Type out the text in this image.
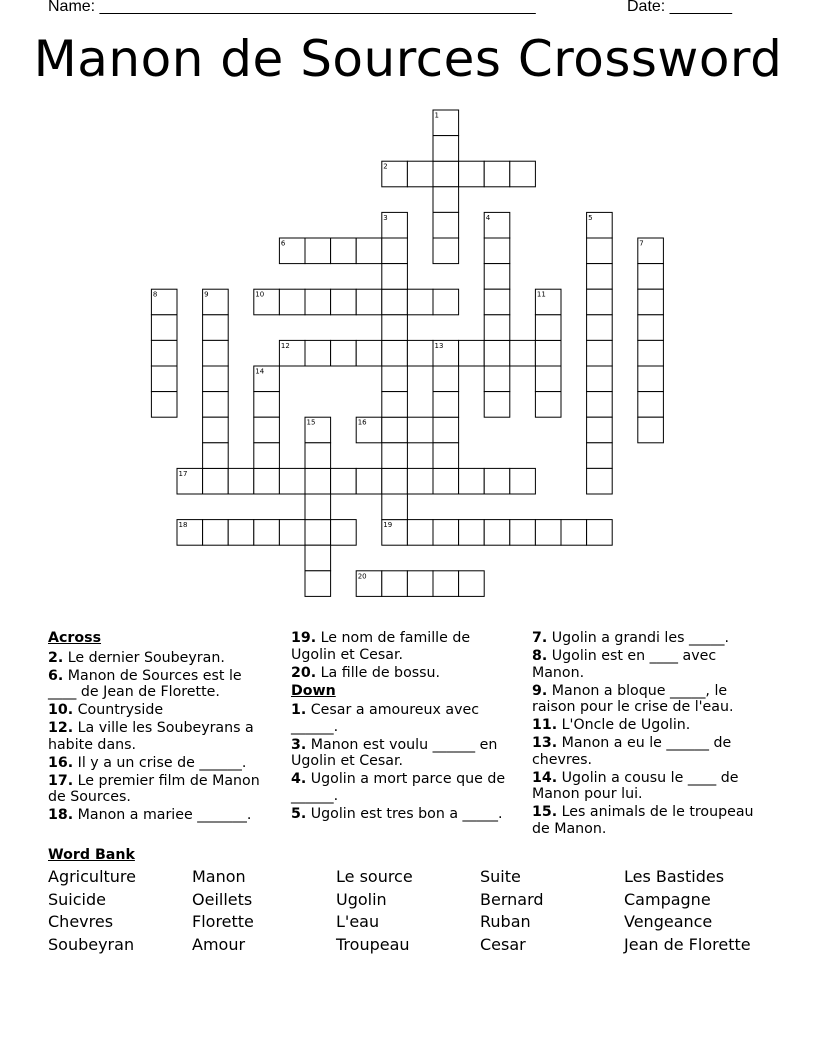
Name: _________________________________________________	Date: _______
Manon de Sources Crossword
1
2
3	4	5
6	7
8	9	10	11
12	13
14
15	16
17
18	19
20
Across
2. Le dernier Soubeyran.
6. Manon de Sources est le ____ de Jean de Florette.
10. Countryside
12. La ville les Soubeyrans a habite dans.
16. Il y a un crise de ______.
17. Le premier film de Manon de Sources.
18. Manon a mariee _______.
19. Le nom de famille de Ugolin et Cesar.
20. La fille de bossu.
Down
1. Cesar a amoureux avec ______.
3. Manon est voulu ______ en Ugolin et Cesar.
4. Ugolin a mort parce que de ______.
5. Ugolin est tres bon a _____.
7. Ugolin a grandi les _____.
8. Ugolin est en ____ avec Manon.
9. Manon a bloque _____, le raison pour le crise de l'eau.
11. L'Oncle de Ugolin.
13. Manon a eu le ______ de chevres.
14. Ugolin a cousu le ____ de Manon pour lui.
15. Les animals de le troupeau de Manon.
Word Bank
Agriculture	Manon	Le source	Suite	Les Bastides
Suicide	Oeillets	Ugolin	Bernard	Campagne
Chevres	Florette	L'eau	Ruban	Vengeance
Soubeyran	Amour	Troupeau	Cesar	Jean de Florette
